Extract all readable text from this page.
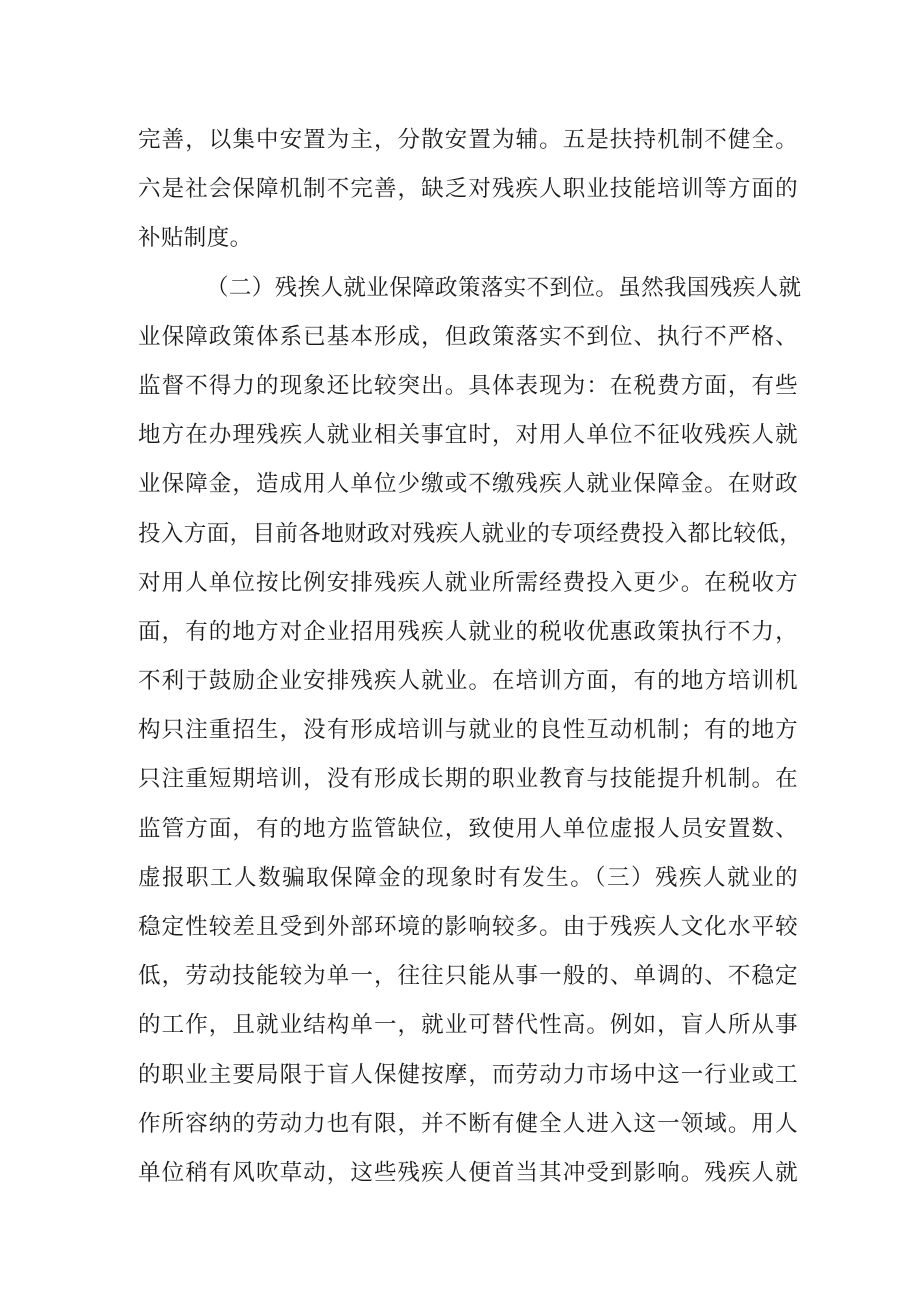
完善，以集中安置为主，分散安置为辅。五是扶持机制不健全。
六是社会保障机制不完善，缺乏对残疾人职业技能培训等方面的
补贴制度。
（二）残挨人就业保障政策落实不到位。虽然我国残疾人就
业保障政策体系已基本形成，但政策落实不到位、执行不严格、
监督不得力的现象还比较突出。具体表现为：在税费方面，有些
地方在办理残疾人就业相关事宜时，对用人单位不征收残疾人就
业保障金，造成用人单位少缴或不缴残疾人就业保障金。在财政
投入方面，目前各地财政对残疾人就业的专项经费投入都比较低，
对用人单位按比例安排残疾人就业所需经费投入更少。在税收方
面，有的地方对企业招用残疾人就业的税收优惠政策执行不力，
不利于鼓励企业安排残疾人就业。在培训方面，有的地方培训机
构只注重招生，没有形成培训与就业的良性互动机制；有的地方
只注重短期培训，没有形成长期的职业教育与技能提升机制。在
监管方面，有的地方监管缺位，致使用人单位虚报人员安置数、
虚报职工人数骗取保障金的现象时有发生。（三）残疾人就业的
稳定性较差且受到外部环境的影响较多。由于残疾人文化水平较
低，劳动技能较为单一，往往只能从事一般的、单调的、不稳定
的工作，且就业结构单一，就业可替代性高。例如，盲人所从事
的职业主要局限于盲人保健按摩，而劳动力市场中这一行业或工
作所容纳的劳动力也有限，并不断有健全人进入这一领域。用人
单位稍有风吹草动，这些残疾人便首当其冲受到影响。残疾人就
